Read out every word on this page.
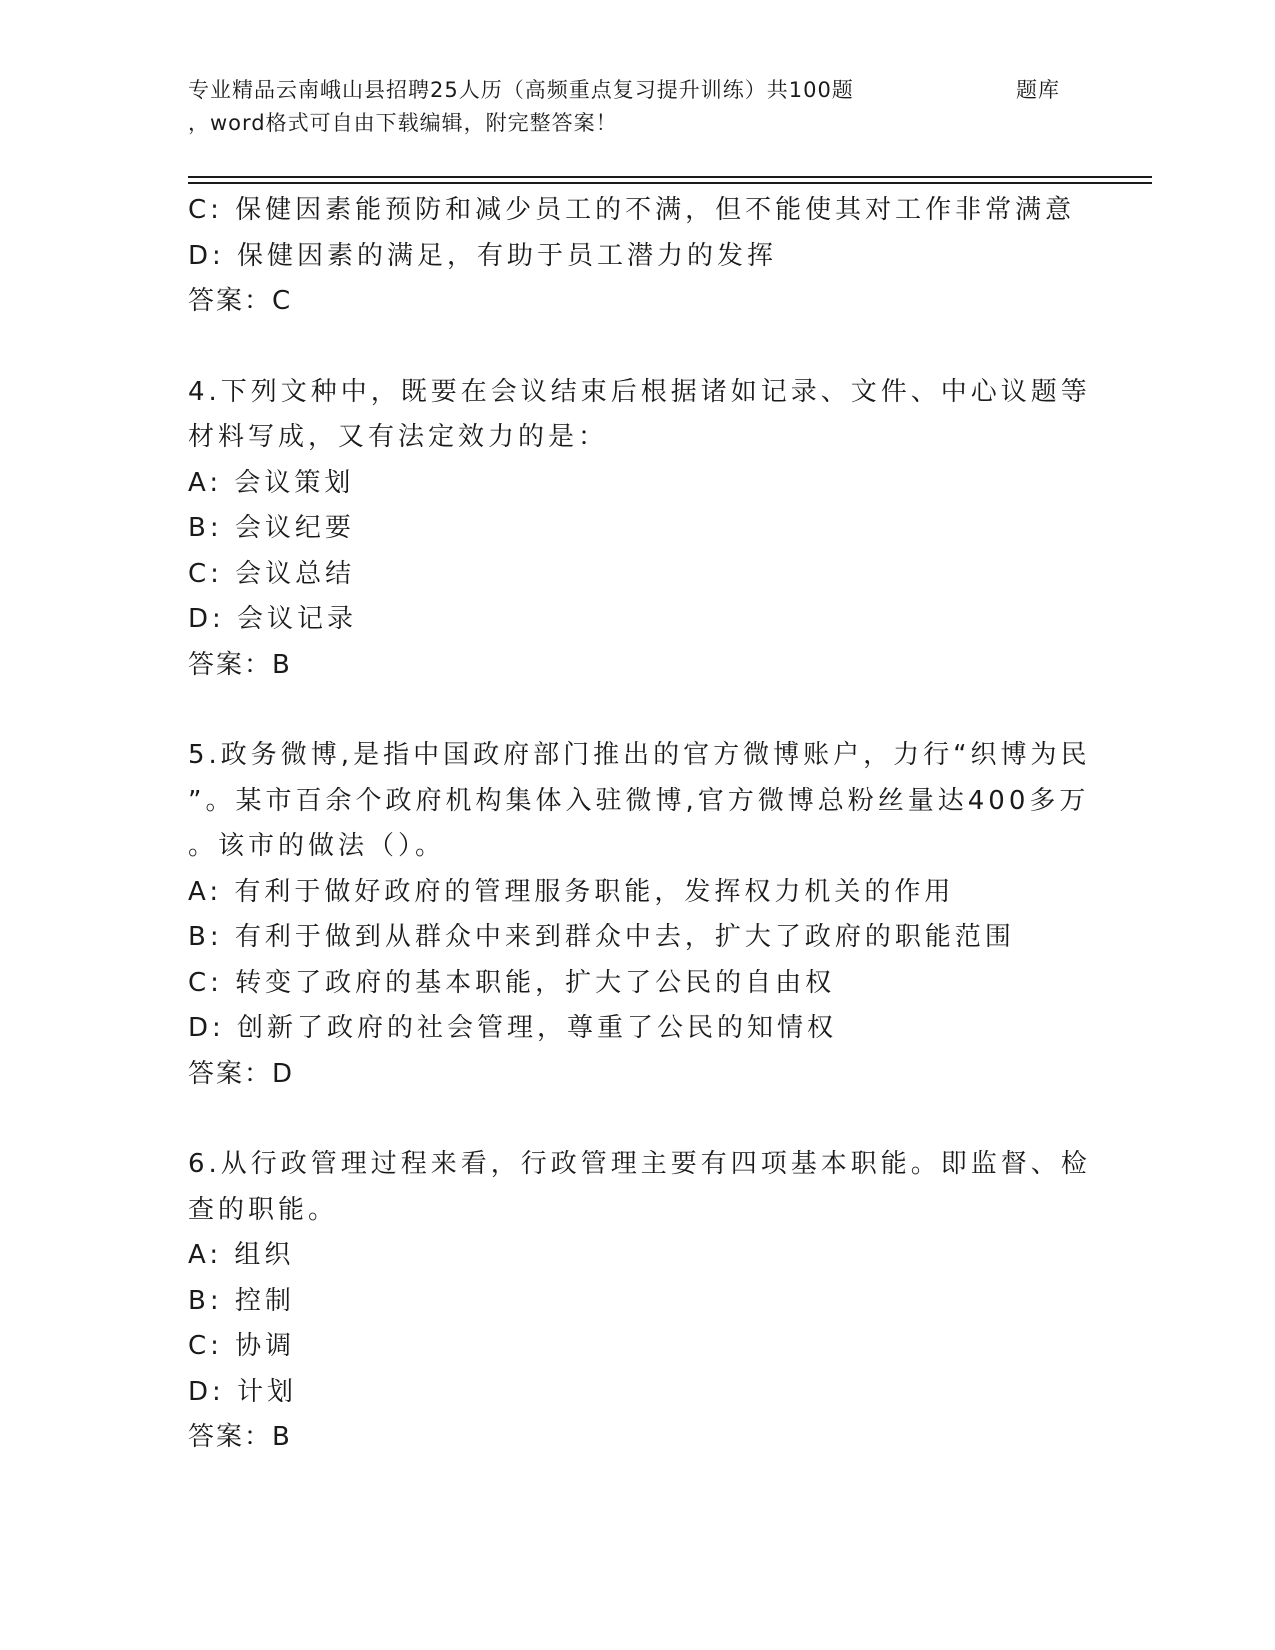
专业精品云南峨山县招聘25人历（高频重点复习提升训练）共100题	题库
，word格式可自由下载编辑，附完整答案！
C: 保健因素能预防和减少员工的不满，但不能使其对工作非常满意
D: 保健因素的满足，有助于员工潜力的发挥
答案：C
4.下列文种中，既要在会议结束后根据诸如记录、文件、中心议题等
材料写成，又有法定效力的是：
A: 会议策划
B: 会议纪要
C: 会议总结
D: 会议记录
答案：B
5.政务微博,是指中国政府部门推出的官方微博账户，力行“织博为民
”。某市百余个政府机构集体入驻微博,官方微博总粉丝量达400多万
。该市的做法（）。
A: 有利于做好政府的管理服务职能，发挥权力机关的作用
B: 有利于做到从群众中来到群众中去，扩大了政府的职能范围
C: 转变了政府的基本职能，扩大了公民的自由权
D: 创新了政府的社会管理，尊重了公民的知情权
答案：D
6.从行政管理过程来看，行政管理主要有四项基本职能。即监督、检
查的职能。
A: 组织
B: 控制
C: 协调
D: 计划
答案：B
